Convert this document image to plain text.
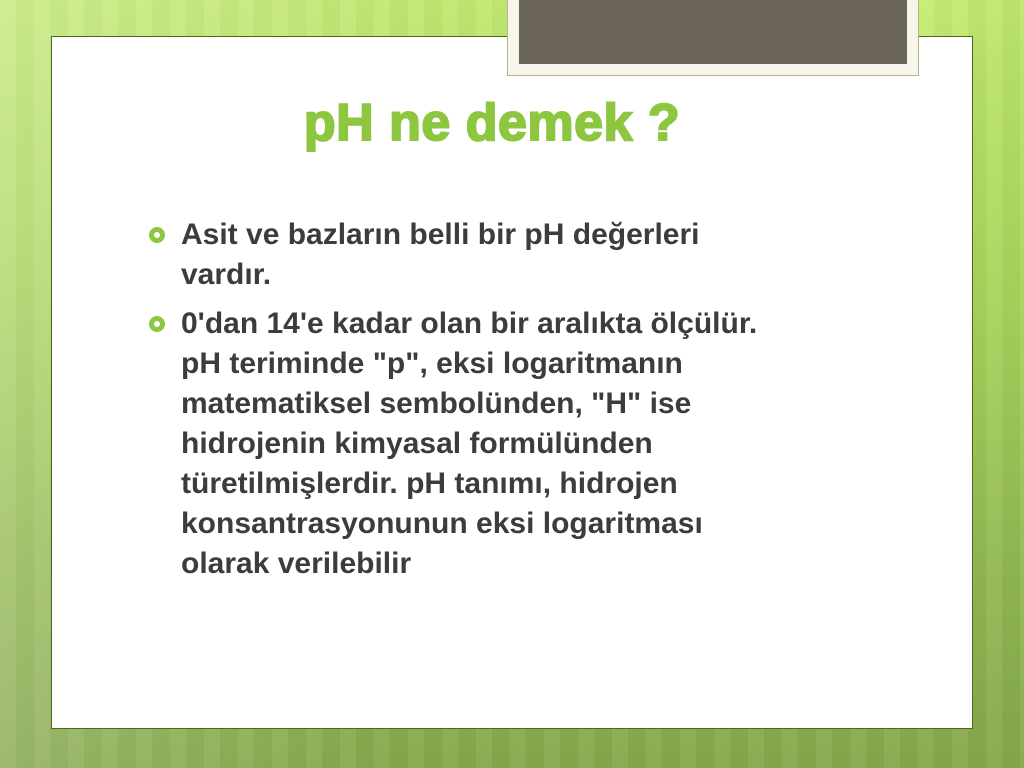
pH ne demek ?
Asit ve bazların belli bir pH değerleri
vardır.
0'dan 14'e kadar olan bir aralıkta ölçülür.
pH teriminde "p", eksi logaritmanın
matematiksel sembolünden, "H" ise
hidrojenin kimyasal formülünden
türetilmişlerdir. pH tanımı, hidrojen
konsantrasyonunun eksi logaritması
olarak verilebilir
